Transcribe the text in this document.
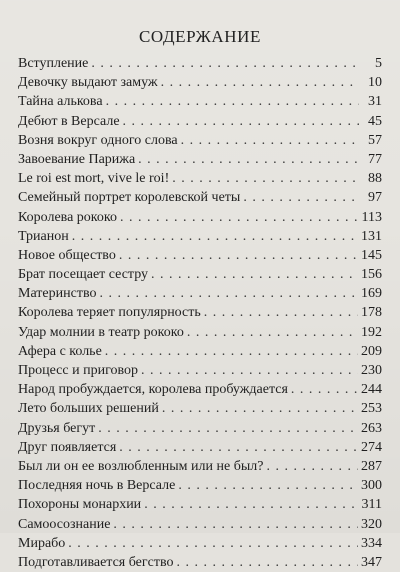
СОДЕРЖАНИЕ
Вступление . . .	5
Девочку выдают замуж . . .	10
Тайна алькова . . .	31
Дебют в Версале . . .	45
Возня вокруг одного слова . . .	57
Завоевание Парижа . . .	77
Le roi est mort, vive le roi! . . .	88
Семейный портрет королевской четы . . .	97
Королева рококо . . .	113
Трианон . . .	131
Новое общество . . .	145
Брат посещает сестру . . .	156
Материнство . . .	169
Королева теряет популярность . . .	178
Удар молнии в театр рококо . . .	192
Афера с колье . . .	209
Процесс и приговор . . .	230
Народ пробуждается, королева пробуждается . . .	244
Лето больших решений . . .	253
Друзья бегут . . .	263
Друг появляется . . .	274
Был ли он ее возлюбленным или не был? . . .	287
Последняя ночь в Версале . . .	300
Похороны монархии . . .	311
Самоосознание . . .	320
Мирабо . . .	334
Подготавливается бегство . . .	347
